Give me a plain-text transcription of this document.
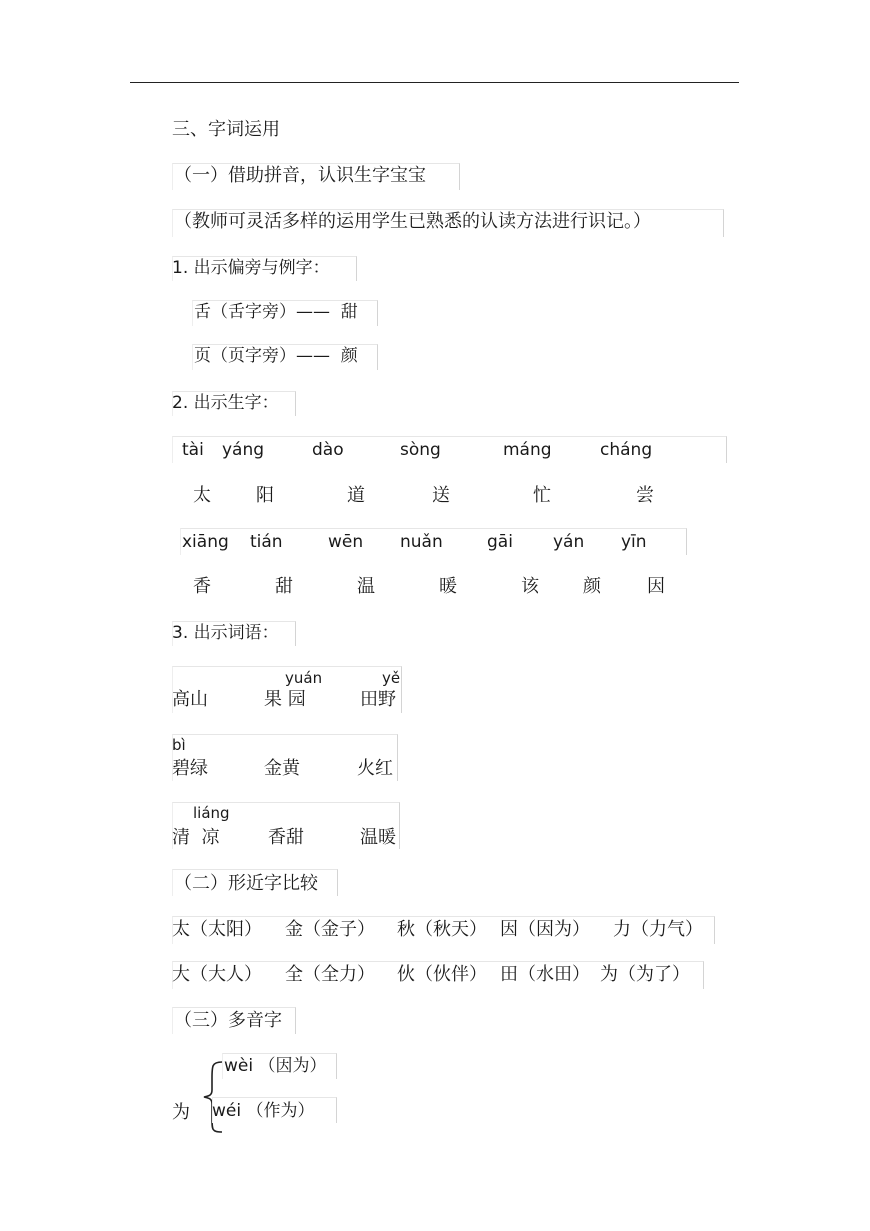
三、字词运用
（一）借助拼音，认识生字宝宝
（教师可灵活多样的运用学生已熟悉的认读方法进行识记。）
1. 出示偏旁与例字：
舌（舌字旁）——  甜
页（页字旁）——  颜
2. 出示生字：
tài yáng	dào	sòng	máng	cháng
太	阳	道	送	忙	尝
xiāng tián	wēn nuǎn	gāi yán yīn
香	甜	温	暖	该 颜	因
3. 出示词语：
yuán	yě
高山	果 园	田野
bì
碧绿	金黄	火红
liáng
清  凉	香甜	温暖
（二）形近字比较
太（太阳） 金（金子） 秋（秋天） 因（因为） 力（力气）
大（大人） 全（全力） 伙（伙伴） 田（水田） 为（为了）
（三）多音字
为
wèi （因为）
wéi （作为）
